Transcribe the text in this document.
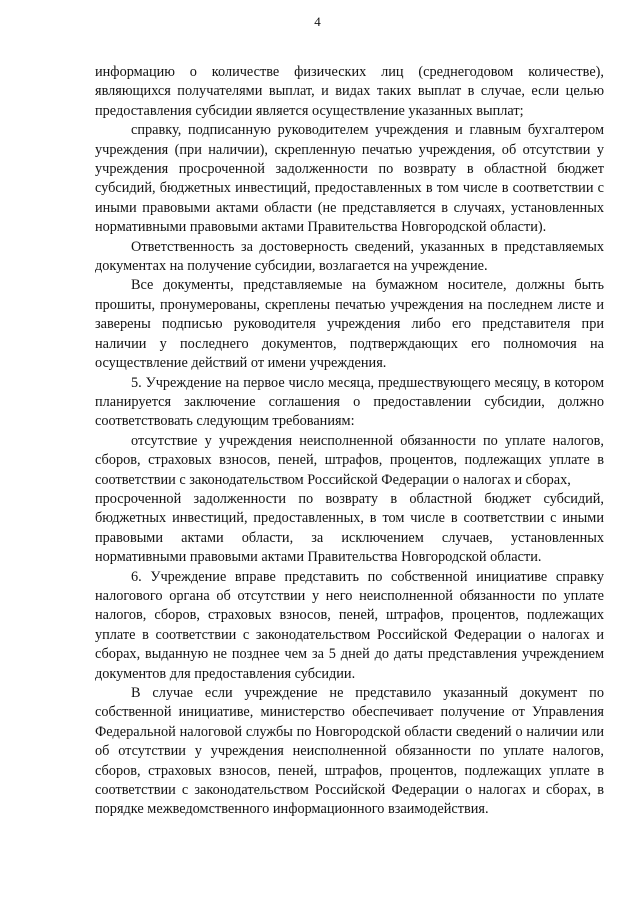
4

информацию о количестве физических лиц (среднегодовом количестве), являющихся получателями выплат, и видах таких выплат в случае, если целью предоставления субсидии является осуществление указанных выплат;

справку, подписанную руководителем учреждения и главным бухгалтером учреждения (при наличии), скрепленную печатью учреждения, об отсутствии у учреждения просроченной задолженности по возврату в областной бюджет субсидий, бюджетных инвестиций, предоставленных в том числе в соответствии с иными правовыми актами области (не представляется в случаях, установленных нормативными правовыми актами Правительства Новгородской области).

Ответственность за достоверность сведений, указанных в представляемых документах на получение субсидии, возлагается на учреждение.

Все документы, представляемые на бумажном носителе, должны быть прошиты, пронумерованы, скреплены печатью учреждения на последнем листе и заверены подписью руководителя учреждения либо его представителя при наличии у последнего документов, подтверждающих его полномочия на осуществление действий от имени учреждения.

5. Учреждение на первое число месяца, предшествующего месяцу, в котором планируется заключение соглашения о предоставлении субсидии, должно соответствовать следующим требованиям:

отсутствие у учреждения неисполненной обязанности по уплате налогов, сборов, страховых взносов, пеней, штрафов, процентов, подлежащих уплате в соответствии с законодательством Российской Федерации о налогах и сборах,

просроченной задолженности по возврату в областной бюджет субсидий, бюджетных инвестиций, предоставленных, в том числе в соответствии с иными правовыми актами области, за исключением случаев, установленных нормативными правовыми актами Правительства Новгородской области.

6. Учреждение вправе представить по собственной инициативе справку налогового органа об отсутствии у него неисполненной обязанности по уплате налогов, сборов, страховых взносов, пеней, штрафов, процентов, подлежащих уплате в соответствии с законодательством Российской Федерации о налогах и сборах, выданную не позднее чем за 5 дней до даты представления учреждением документов для предоставления субсидии.

В случае если учреждение не представило указанный документ по собственной инициативе, министерство обеспечивает получение от Управления Федеральной налоговой службы по Новгородской области сведений о наличии или об отсутствии у учреждения неисполненной обязанности по уплате налогов, сборов, страховых взносов, пеней, штрафов, процентов, подлежащих уплате в соответствии с законодательством Российской Федерации о налогах и сборах, в порядке межведомственного информационного взаимодействия.
